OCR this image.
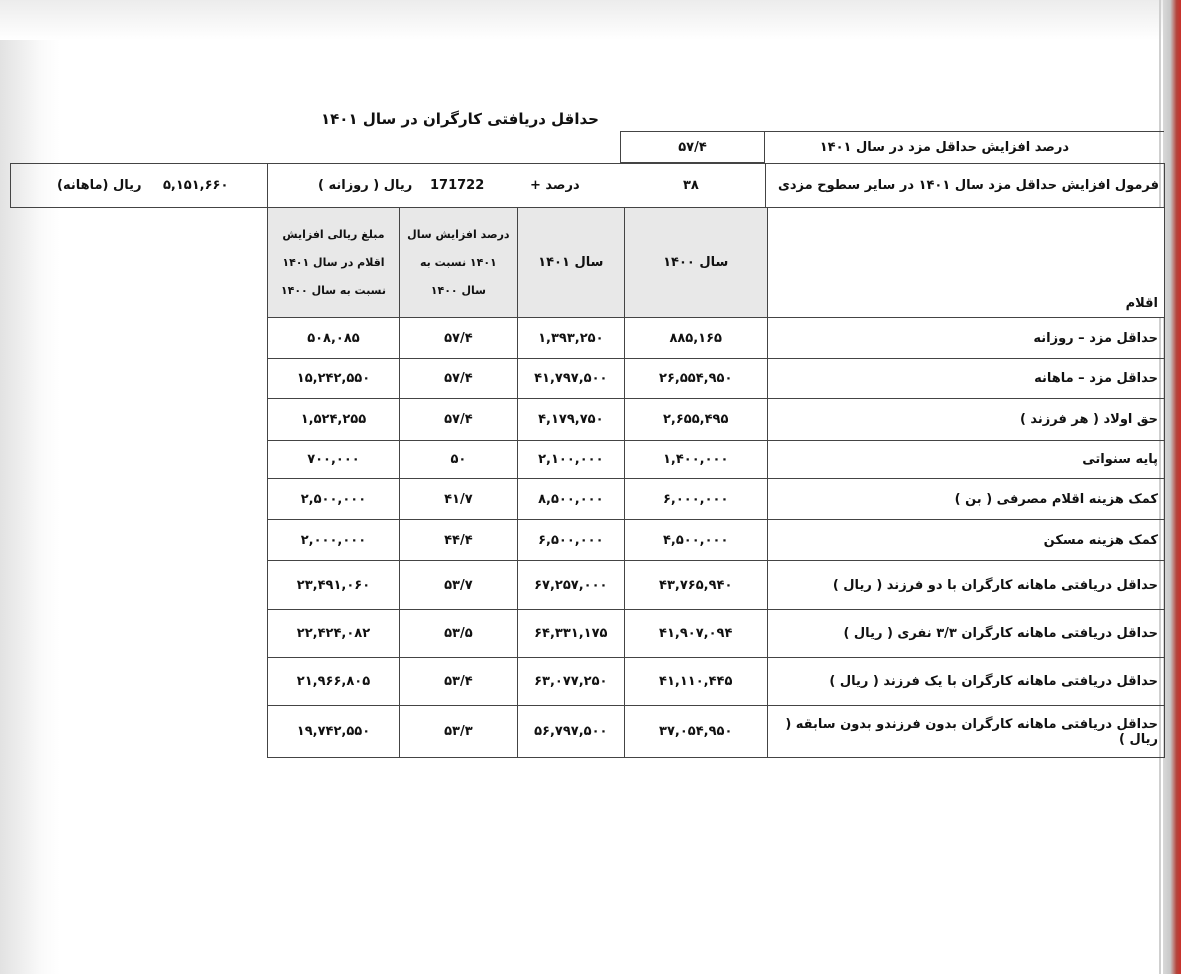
حداقل دریافتی کارگران در سال ۱۴۰۱
۵۷/۴	درصد افزایش حداقل مزد در سال ۱۴۰۱
فرمول افزایش حداقل مزد سال ۱۴۰۱ در سایر سطوح مزدی
۳۸
درصد +
171722
ریال ( روزانه )
۵,۱۵۱,۶۶۰
ریال (ماهانه)
اقلام	سال ۱۴۰۰	سال ۱۴۰۱	درصد افزایش سال ۱۴۰۱ نسبت به سال ۱۴۰۰	مبلغ ریالی افزایش اقلام در سال ۱۴۰۱ نسبت به سال ۱۴۰۰
حداقل مزد – روزانه	۸۸۵,۱۶۵	۱,۳۹۳,۲۵۰	۵۷/۴	۵۰۸,۰۸۵
حداقل مزد – ماهانه	۲۶,۵۵۴,۹۵۰	۴۱,۷۹۷,۵۰۰	۵۷/۴	۱۵,۲۴۲,۵۵۰
حق اولاد ( هر فرزند )	۲,۶۵۵,۴۹۵	۴,۱۷۹,۷۵۰	۵۷/۴	۱,۵۲۴,۲۵۵
پایه سنواتی	۱,۴۰۰,۰۰۰	۲,۱۰۰,۰۰۰	۵۰	۷۰۰,۰۰۰
کمک هزینه اقلام مصرفی ( بن )	۶,۰۰۰,۰۰۰	۸,۵۰۰,۰۰۰	۴۱/۷	۲,۵۰۰,۰۰۰
کمک هزینه مسکن	۴,۵۰۰,۰۰۰	۶,۵۰۰,۰۰۰	۴۴/۴	۲,۰۰۰,۰۰۰
حداقل دریافتی ماهانه کارگران با دو فرزند ( ریال )	۴۳,۷۶۵,۹۴۰	۶۷,۲۵۷,۰۰۰	۵۳/۷	۲۳,۴۹۱,۰۶۰
حداقل دریافتی ماهانه کارگران ۳/۳ نفری ( ریال )	۴۱,۹۰۷,۰۹۴	۶۴,۳۳۱,۱۷۵	۵۳/۵	۲۲,۴۲۴,۰۸۲
حداقل دریافتی ماهانه کارگران با یک فرزند ( ریال )	۴۱,۱۱۰,۴۴۵	۶۳,۰۷۷,۲۵۰	۵۳/۴	۲۱,۹۶۶,۸۰۵
حداقل دریافتی ماهانه کارگران بدون فرزندو بدون سابقه ( ریال )	۳۷,۰۵۴,۹۵۰	۵۶,۷۹۷,۵۰۰	۵۳/۳	۱۹,۷۴۲,۵۵۰
